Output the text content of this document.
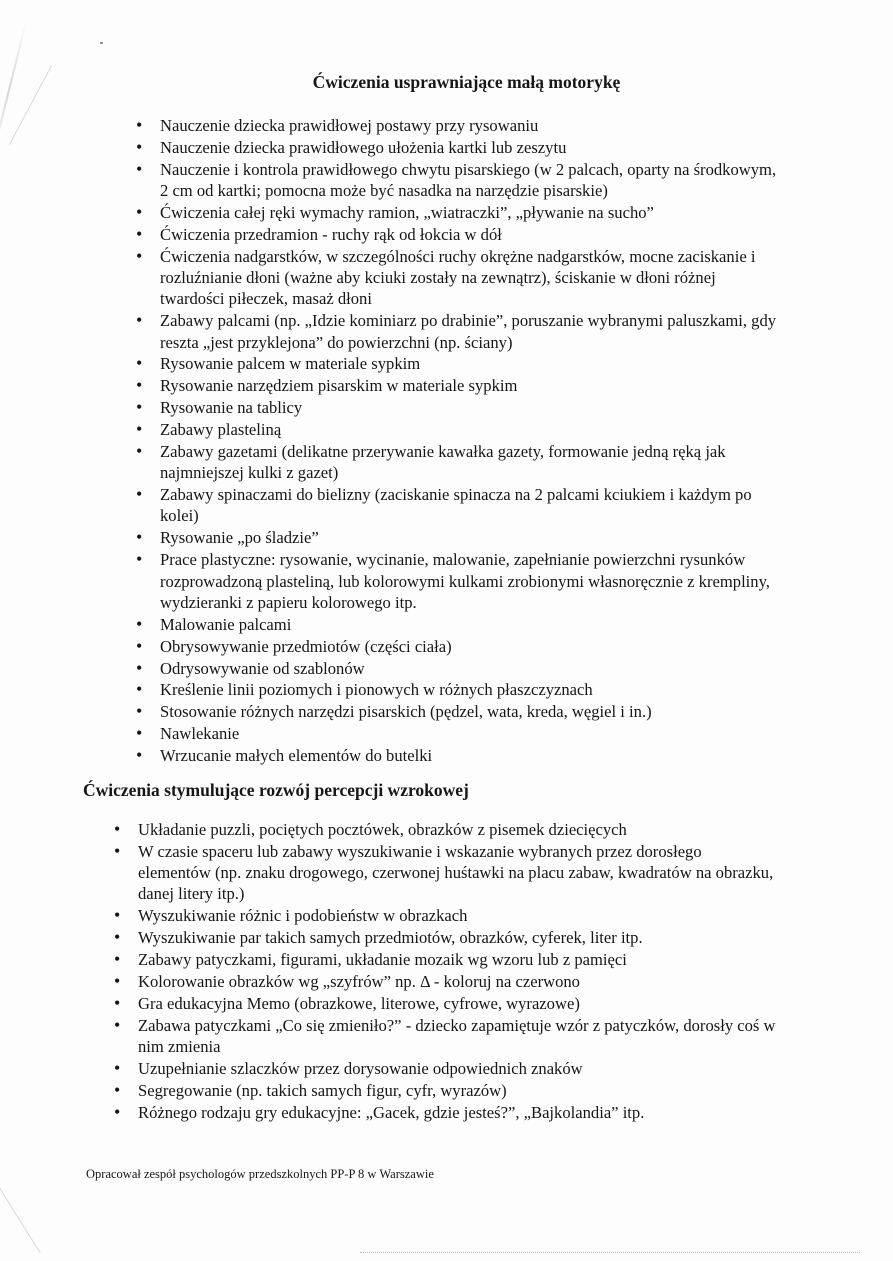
Ćwiczenia usprawniające małą motorykę
• Nauczenie dziecka prawidłowej postawy przy rysowaniu
• Nauczenie dziecka prawidłowego ułożenia kartki lub zeszytu
• Nauczenie i kontrola prawidłowego chwytu pisarskiego (w 2 palcach, oparty na środkowym, 2 cm od kartki; pomocna może być nasadka na narzędzie pisarskie)
• Ćwiczenia całej ręki wymachy ramion, „wiatraczki”, „pływanie na sucho”
• Ćwiczenia przedramion - ruchy rąk od łokcia w dół
• Ćwiczenia nadgarstków, w szczególności ruchy okrężne nadgarstków, mocne zaciskanie i rozluźnianie dłoni (ważne aby kciuki zostały na zewnątrz), ściskanie w dłoni różnej twardości piłeczek, masaż dłoni
• Zabawy palcami (np. „Idzie kominiarz po drabinie”, poruszanie wybranymi paluszkami, gdy reszta „jest przyklejona” do powierzchni (np. ściany)
• Rysowanie palcem w materiale sypkim
• Rysowanie narzędziem pisarskim w materiale sypkim
• Rysowanie na tablicy
• Zabawy plasteliną
• Zabawy gazetami (delikatne przerywanie kawałka gazety, formowanie jedną ręką jak najmniejszej kulki z gazet)
• Zabawy spinaczami do bielizny (zaciskanie spinacza na 2 palcami kciukiem i każdym po kolei)
• Rysowanie „po śladzie”
• Prace plastyczne: rysowanie, wycinanie, malowanie, zapełnianie powierzchni rysunków rozprowadzoną plasteliną, lub kolorowymi kulkami zrobionymi własnoręcznie z krempliny, wydzieranki z papieru kolorowego itp.
• Malowanie palcami
• Obrysowywanie przedmiotów (części ciała)
• Odrysowywanie od szablonów
• Kreślenie linii poziomych i pionowych w różnych płaszczyznach
• Stosowanie różnych narzędzi pisarskich (pędzel, wata, kreda, węgiel i in.)
• Nawlekanie
• Wrzucanie małych elementów do butelki
Ćwiczenia stymulujące rozwój percepcji wzrokowej
• Układanie puzzli, pociętych pocztówek, obrazków z pisemek dziecięcych
• W czasie spaceru lub zabawy wyszukiwanie i wskazanie wybranych przez dorosłego elementów (np. znaku drogowego, czerwonej huśtawki na placu zabaw, kwadratów na obrazku, danej litery itp.)
• Wyszukiwanie różnic i podobieństw w obrazkach
• Wyszukiwanie par takich samych przedmiotów, obrazków, cyferek, liter itp.
• Zabawy patyczkami, figurami, układanie mozaik wg wzoru lub z pamięci
• Kolorowanie obrazków wg „szyfrów” np. Δ - koloruj na czerwono
• Gra edukacyjna Memo (obrazkowe, literowe, cyfrowe, wyrazowe)
• Zabawa patyczkami „Co się zmieniło?” - dziecko zapamiętuje wzór z patyczków, dorosły coś w nim zmienia
• Uzupełnianie szlaczków przez dorysowanie odpowiednich znaków
• Segregowanie (np. takich samych figur, cyfr, wyrazów)
• Różnego rodzaju gry edukacyjne: „Gacek, gdzie jesteś?”, „Bajkolandia” itp.
Opracował zespół psychologów przedszkolnych PP-P 8 w Warszawie
